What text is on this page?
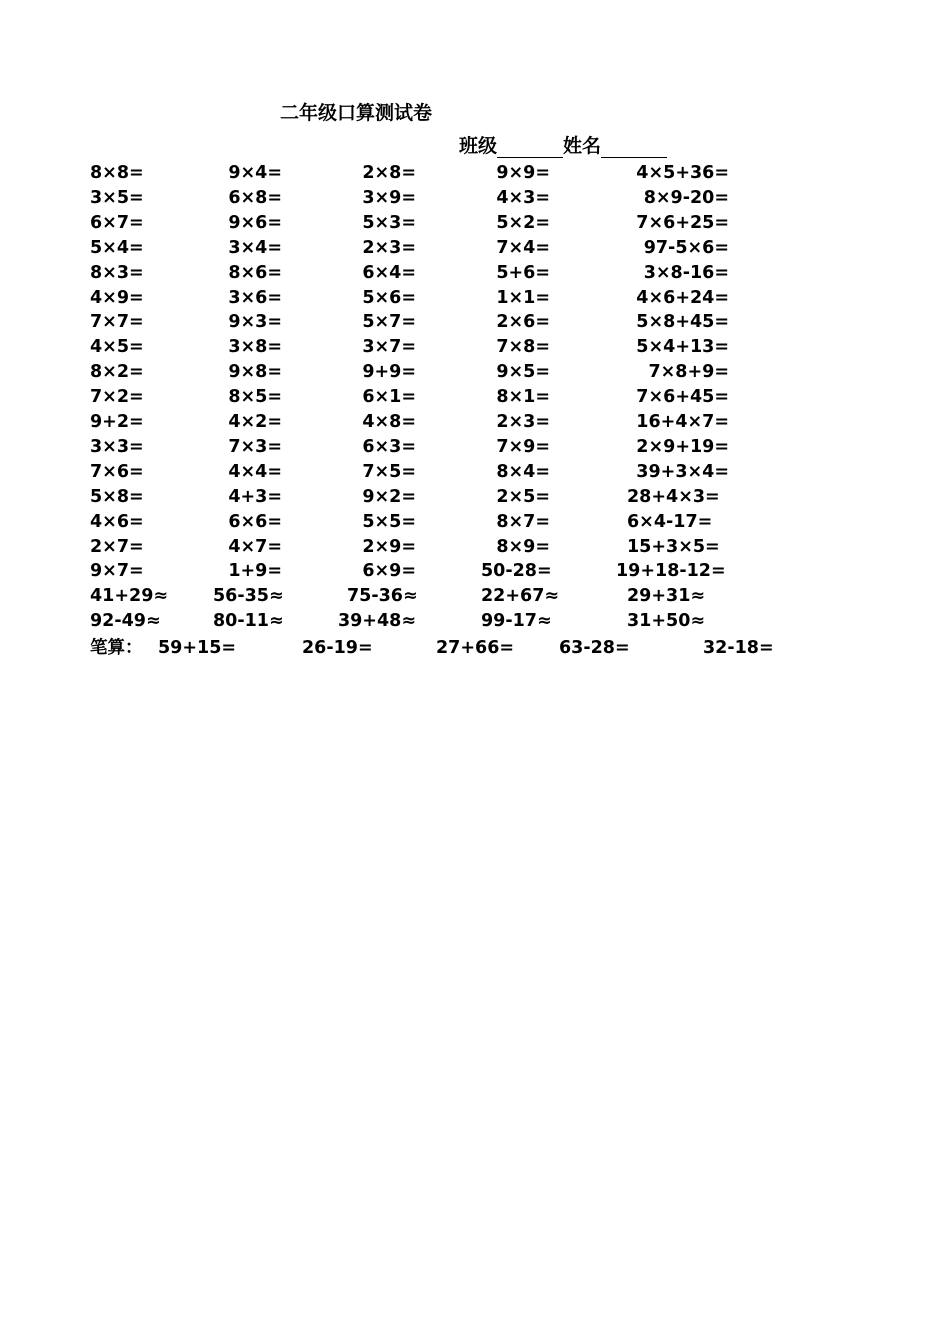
二年级口算测试卷
班级	姓名
8×8=	9×4=	2×8=	9×9=	4×5+36=
3×5=	6×8=	3×9=	4×3=	8×9-20=
6×7=	9×6=	5×3=	5×2=	7×6+25=
5×4=	3×4=	2×3=	7×4=	97-5×6=
8×3=	8×6=	6×4=	5+6=	3×8-16=
4×9=	3×6=	5×6=	1×1=	4×6+24=
7×7=	9×3=	5×7=	2×6=	5×8+45=
4×5=	3×8=	3×7=	7×8=	5×4+13=
8×2=	9×8=	9+9=	9×5=	7×8+9=
7×2=	8×5=	6×1=	8×1=	7×6+45=
9+2=	4×2=	4×8=	2×3=	16+4×7=
3×3=	7×3=	6×3=	7×9=	2×9+19=
7×6=	4×4=	7×5=	8×4=	39+3×4=
5×8=	4+3=	9×2=	2×5=	28+4×3=
4×6=	6×6=	5×5=	8×7=	6×4-17=
2×7=	4×7=	2×9=	8×9=	15+3×5=
9×7=	1+9=	6×9=	50-28=	19+18-12=
41+29≈	56-35≈	75-36≈	22+67≈	29+31≈
92-49≈	80-11≈	39+48≈	99-17≈	31+50≈
笔算： 59+15=	26-19=	27+66=	63-28=	32-18=
